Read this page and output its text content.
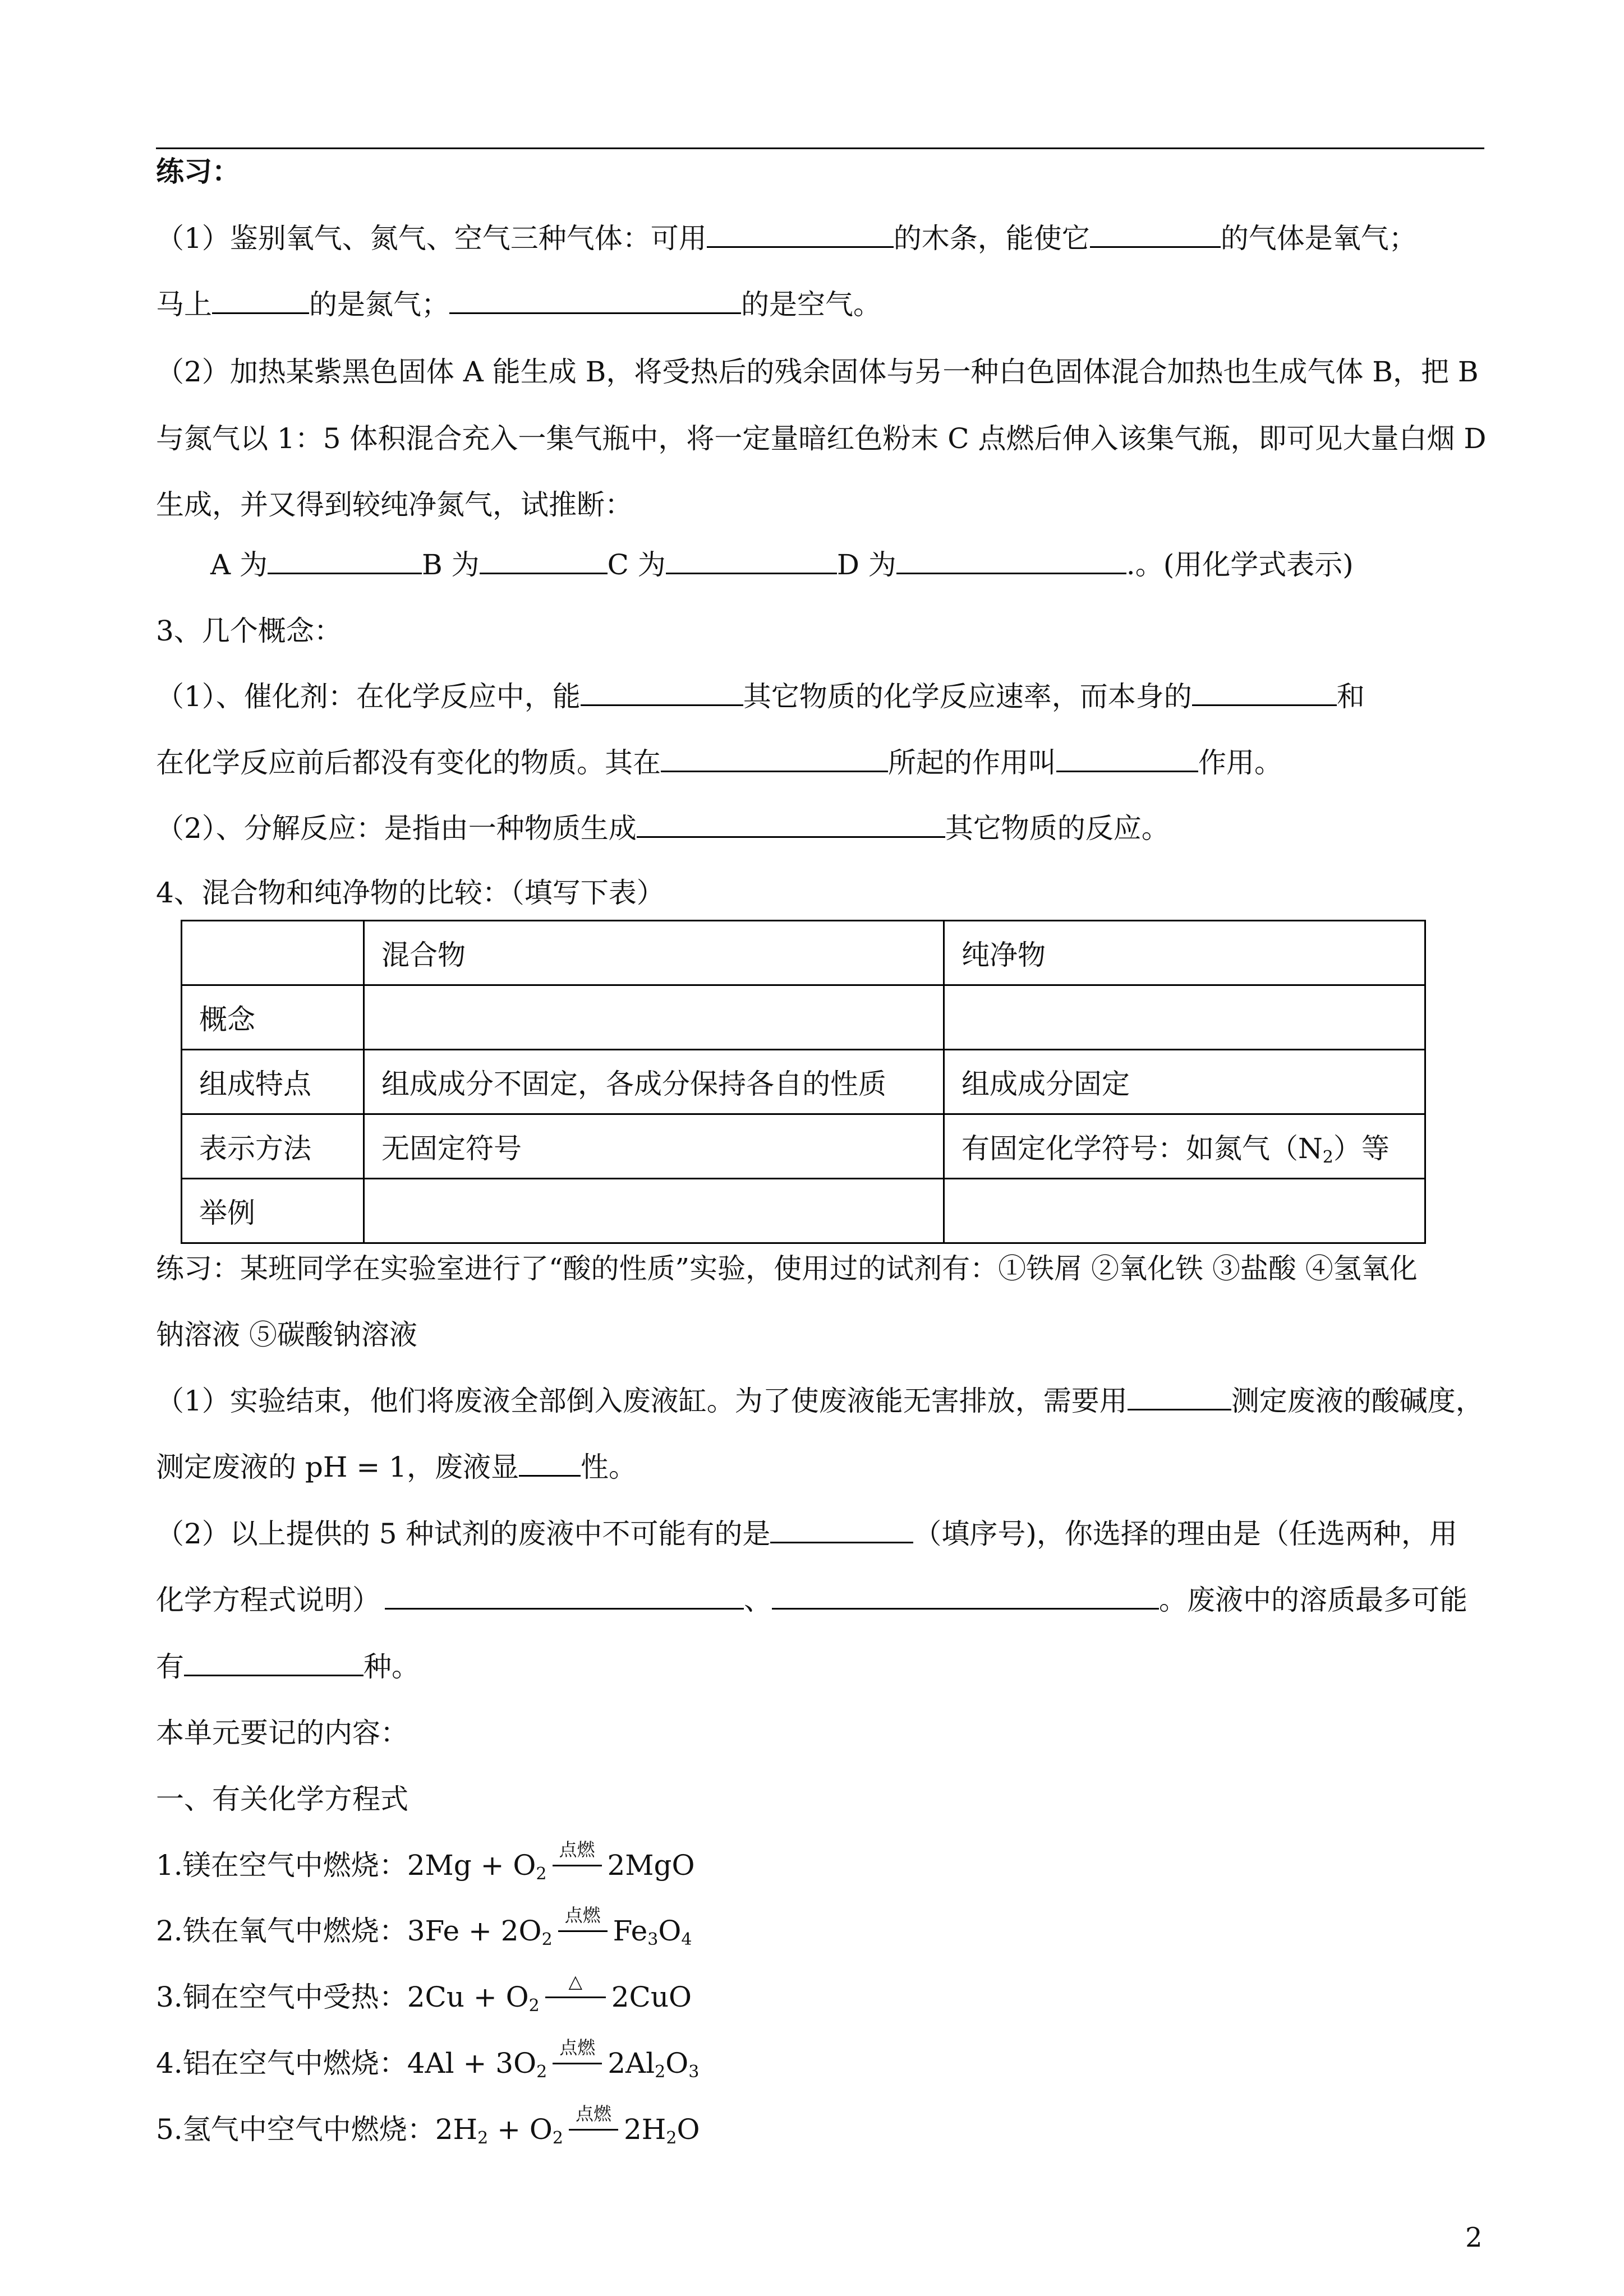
练习：
（1）鉴别氧气、氮气、空气三种气体：可用	的木条，能使它	的气体是氧气；
马上	的是氮气；	的是空气。
（2）加热某紫黑色固体 A 能生成 B，将受热后的残余固体与另一种白色固体混合加热也生成气体 B，把 B
与氮气以 1：5 体积混合充入一集气瓶中，将一定量暗红色粉末 C 点燃后伸入该集气瓶，即可见大量白烟 D
生成，并又得到较纯净氮气，试推断：
A 为	B 为	C 为	D 为	.。(用化学式表示)
3、几个概念：
（1）、催化剂：在化学反应中，能	其它物质的化学反应速率，而本身的	和
在化学反应前后都没有变化的物质。其在	所起的作用叫	作用。
（2）、分解反应：是指由一种物质生成	其它物质的反应。
4、混合物和纯净物的比较：（填写下表）
	混合物	纯净物
概念		
组成特点	组成成分不固定，各成分保持各自的性质	组成成分固定
表示方法	无固定符号	有固定化学符号：如氮气$(N_2)$等
举例		
练习：某班同学在实验室进行了“酸的性质”实验，使用过的试剂有：①铁屑 ②氧化铁 ③盐酸 ④氢氧化
钠溶液 ⑤碳酸钠溶液
（1）实验结束，他们将废液全部倒入废液缸。为了使废液能无害排放，需要用	测定废液的酸碱度，
测定废液的 pH = 1，废液显 性。
（2）以上提供的 5 种试剂的废液中不可能有的是	（填序号)，你选择的理由是（任选两种，用
化学方程式说明）	、	。废液中的溶质最多可能
有	种。
本单元要记的内容：
一、有关化学方程式
1.镁在空气中燃烧：$2Mg + O_2$
点燃 2MgO
2.铁在氧气中燃烧：$3Fe + 2O_2$
点燃 $Fe_3O_4$
3.铜在空气中受热：$2Cu + O_2$
△	2CuO
4.铝在空气中燃烧：$4Al + 3O_2$
点燃 $2Al_2O_3$
5.氢气中空气中燃烧：$2H_2 + O_2$
点燃 $2H_2O$
2
